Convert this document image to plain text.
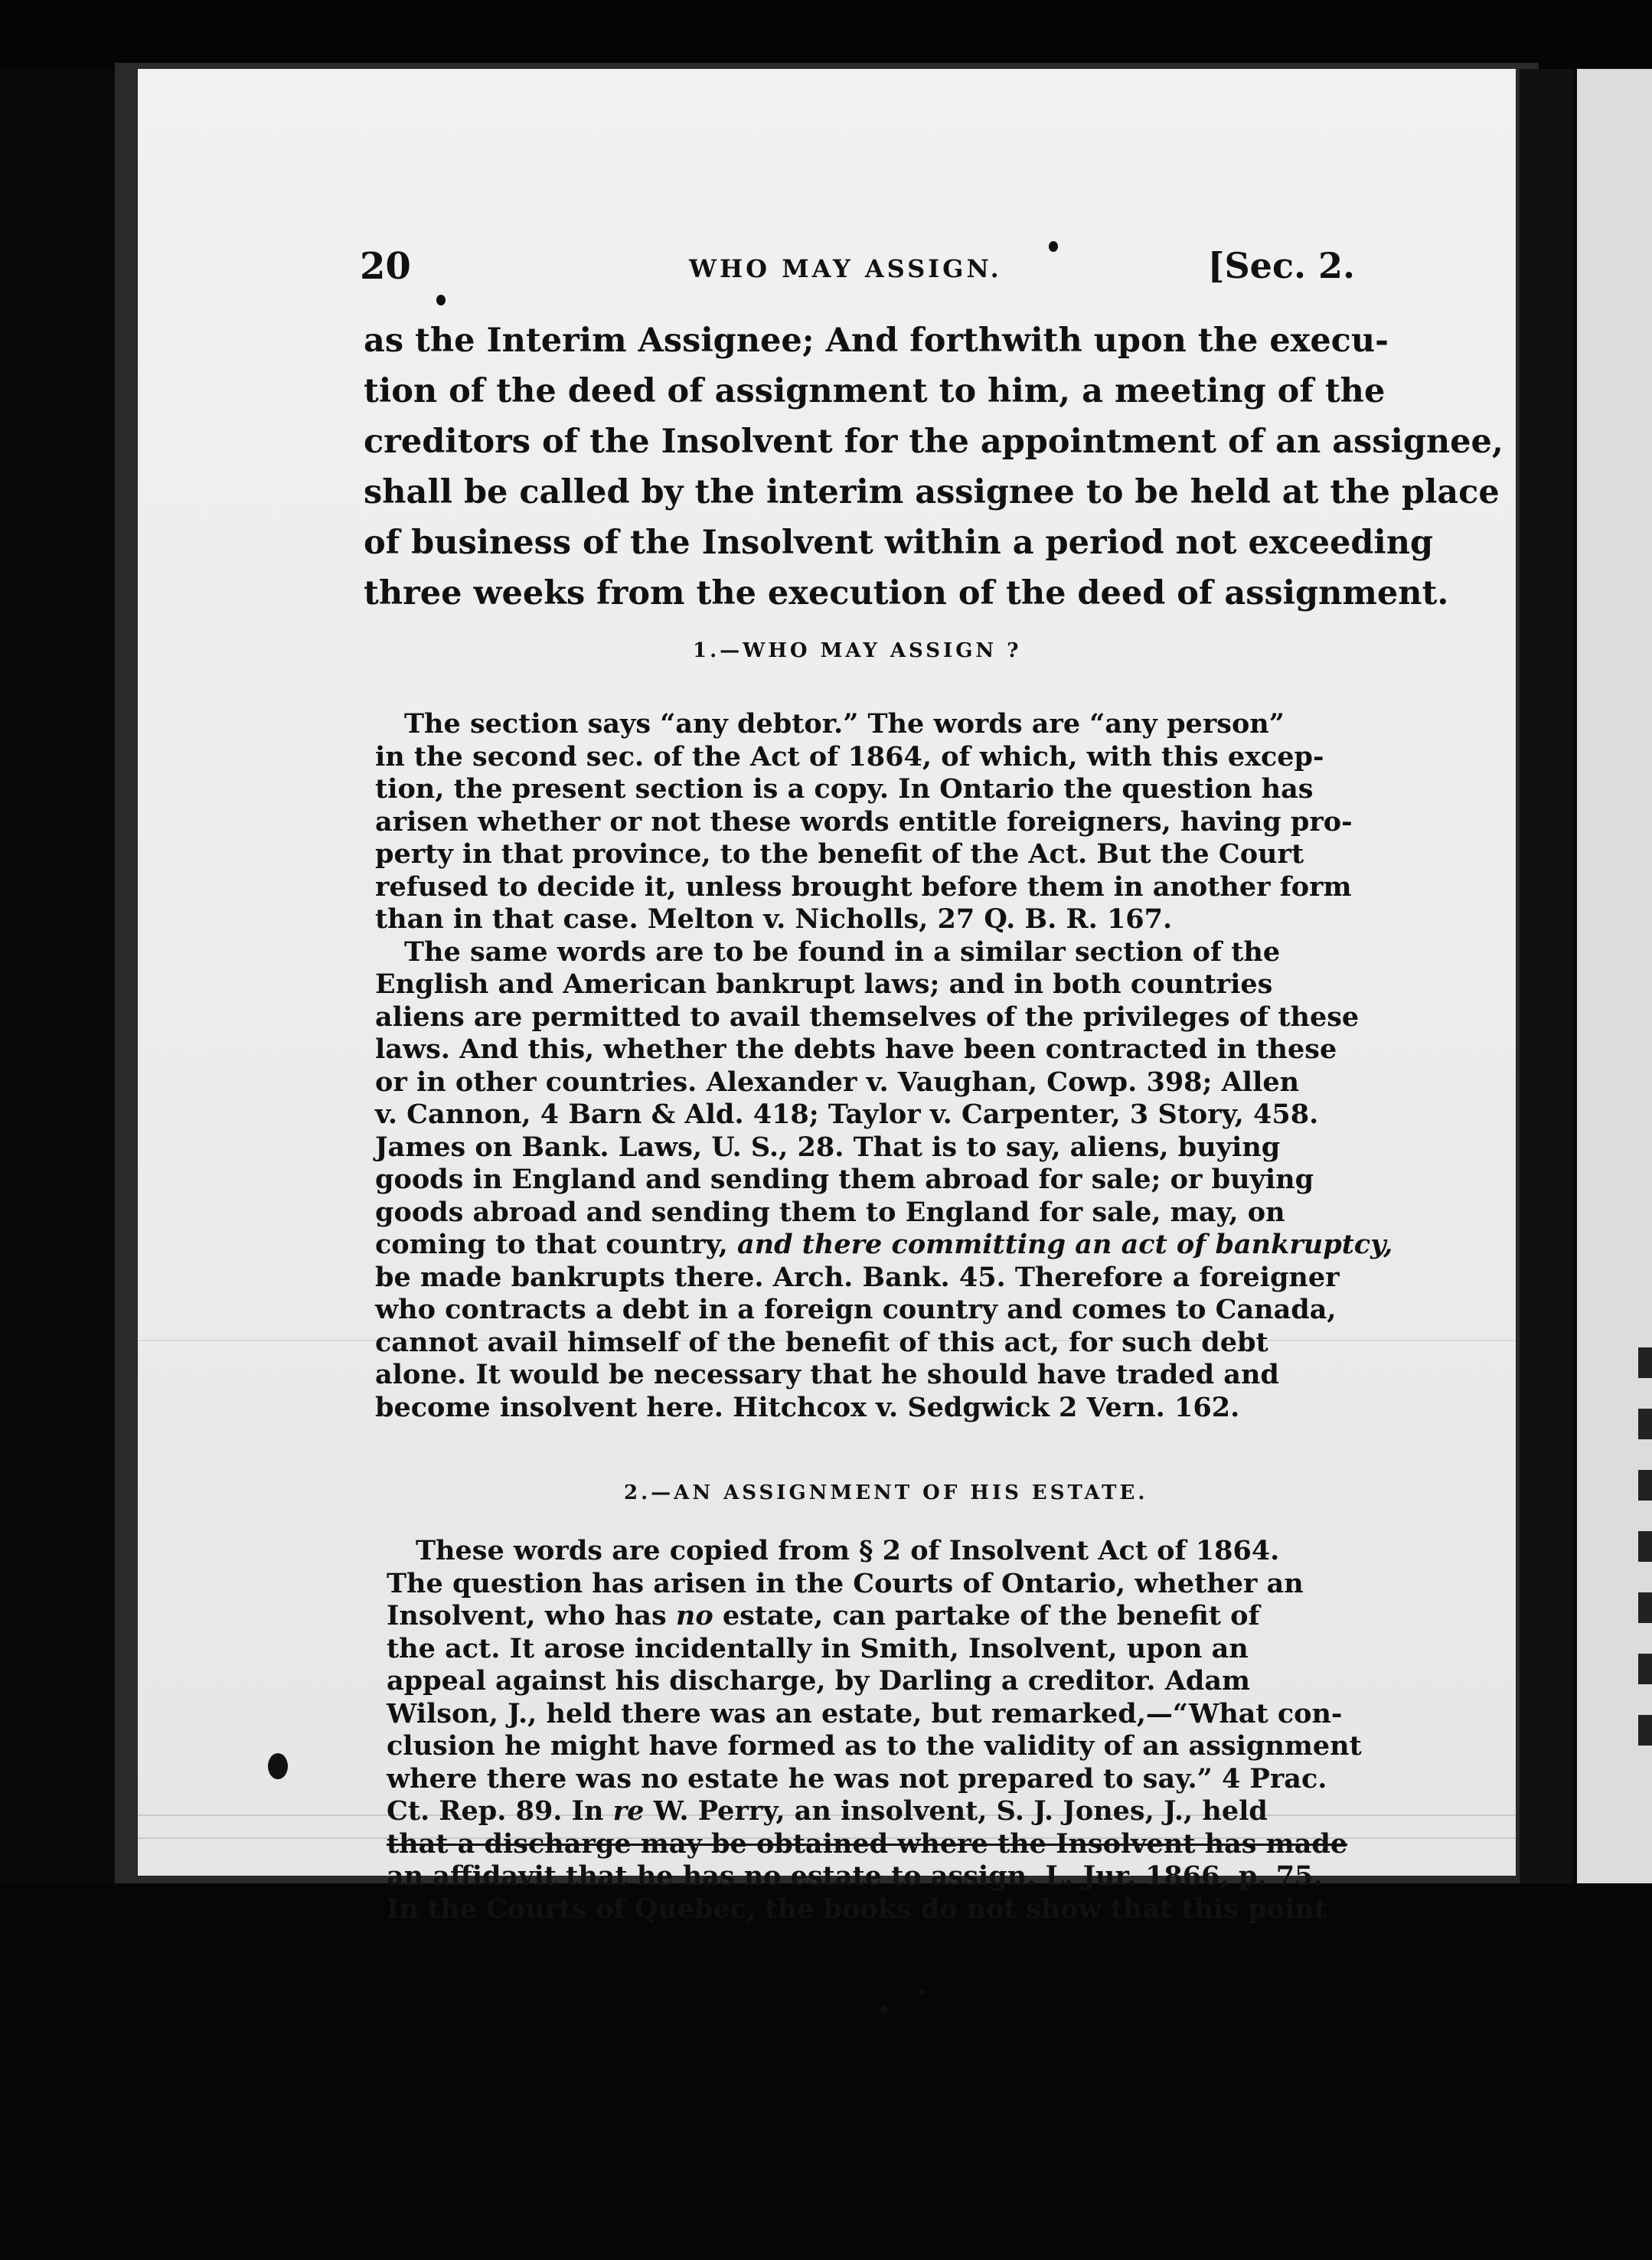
20	WHO MAY ASSIGN.	[Sec. 2.
as the Interim Assignee; And forthwith upon the execu-
tion of the deed of assignment to him, a meeting of the
creditors of the Insolvent for the appointment of an assignee,
shall be called by the interim assignee to be held at the place
of business of the Insolvent within a period not exceeding
three weeks from the execution of the deed of assignment.
1.—WHO MAY ASSIGN ?
The section says “any debtor.” The words are “any person”
in the second sec. of the Act of 1864, of which, with this excep-
tion, the present section is a copy. In Ontario the question has
arisen whether or not these words entitle foreigners, having pro-
perty in that province, to the benefit of the Act. But the Court
refused to decide it, unless brought before them in another form
than in that case. Melton v. Nicholls, 27 Q. B. R. 167.
The same words are to be found in a similar section of the
English and American bankrupt laws; and in both countries
aliens are permitted to avail themselves of the privileges of these
laws. And this, whether the debts have been contracted in these
or in other countries. Alexander v. Vaughan, Cowp. 398; Allen
v. Cannon, 4 Barn & Ald. 418; Taylor v. Carpenter, 3 Story, 458.
James on Bank. Laws, U. S., 28. That is to say, aliens, buying
goods in England and sending them abroad for sale; or buying
goods abroad and sending them to England for sale, may, on
coming to that country, and there committing an act of bankruptcy,
be made bankrupts there. Arch. Bank. 45. Therefore a foreigner
who contracts a debt in a foreign country and comes to Canada,
cannot avail himself of the benefit of this act, for such debt
alone. It would be necessary that he should have traded and
become insolvent here. Hitchcox v. Sedgwick 2 Vern. 162.
2.—AN ASSIGNMENT OF HIS ESTATE.
These words are copied from § 2 of Insolvent Act of 1864.
The question has arisen in the Courts of Ontario, whether an
Insolvent, who has no estate, can partake of the benefit of
the act. It arose incidentally in Smith, Insolvent, upon an
appeal against his discharge, by Darling a creditor. Adam
Wilson, J., held there was an estate, but remarked,—“What con-
clusion he might have formed as to the validity of an assignment
where there was no estate he was not prepared to say.” 4 Prac.
Ct. Rep. 89. In re W. Perry, an insolvent, S. J. Jones, J., held
that a discharge may be obtained where the Insolvent has made
an affidavit that he has no estate to assign. L. Jur. 1866, p. 75.
In the Courts of Quebec, the books do not show that this point
